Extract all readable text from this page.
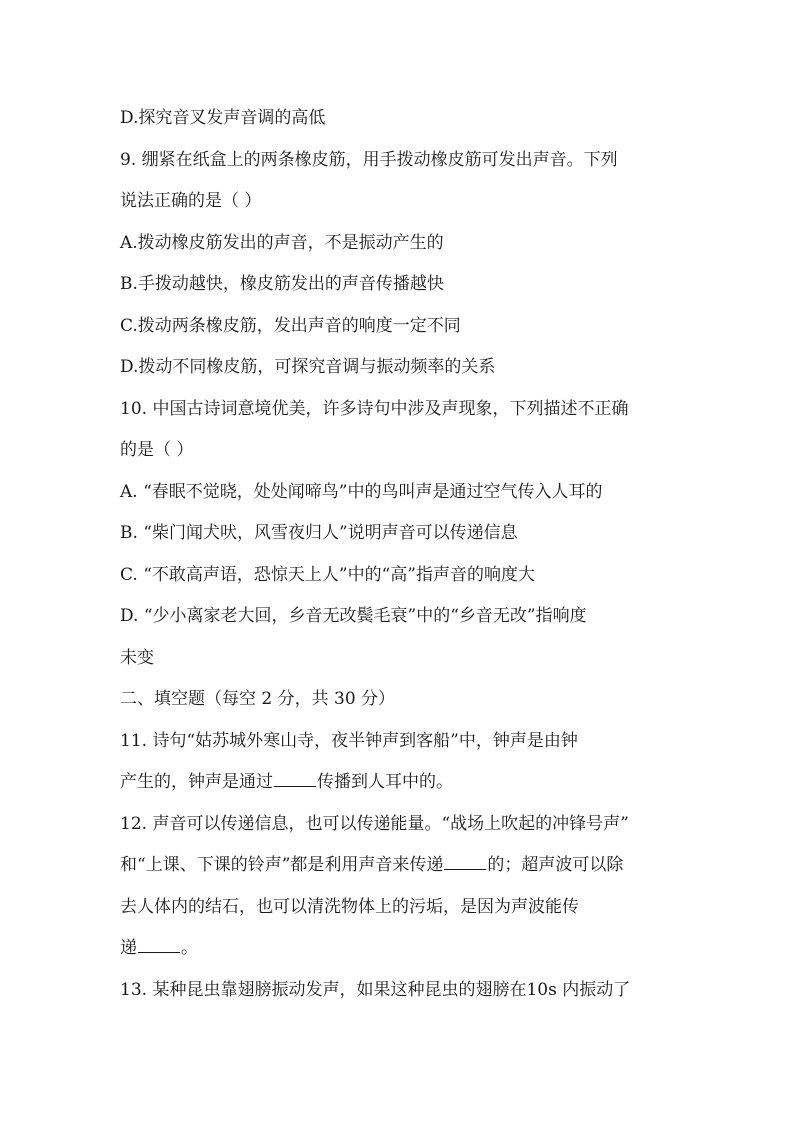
D.探究音叉发声音调的高低
9. 绷紧在纸盒上的两条橡皮筋，用手拨动橡皮筋可发出声音。下列
说法正确的是（ ）
A.拨动橡皮筋发出的声音，不是振动产生的
B.手拨动越快，橡皮筋发出的声音传播越快
C.拨动两条橡皮筋，发出声音的响度一定不同
D.拨动不同橡皮筋，可探究音调与振动频率的关系
10. 中国古诗词意境优美，许多诗句中涉及声现象，下列描述不正确
的是（ ）
A. “春眠不觉晓，处处闻啼鸟”中的鸟叫声是通过空气传入人耳的
B. “柴门闻犬吠，风雪夜归人”说明声音可以传递信息
C. “不敢高声语，恐惊天上人”中的“高”指声音的响度大
D. “少小离家老大回，乡音无改鬓毛衰”中的“乡音无改”指响度
未变
二、填空题（每空 2 分，共 30 分）
11. 诗句“姑苏城外寒山寺，夜半钟声到客船”中，钟声是由钟
产生的，钟声是通过	传播到人耳中的。
12. 声音可以传递信息，也可以传递能量。“战场上吹起的冲锋号声”
和“上课、下课的铃声”都是利用声音来传递	的；超声波可以除
去人体内的结石，也可以清洗物体上的污垢，是因为声波能传
递	。
13. 某种昆虫靠翅膀振动发声，如果这种昆虫的翅膀在10s 内振动了
